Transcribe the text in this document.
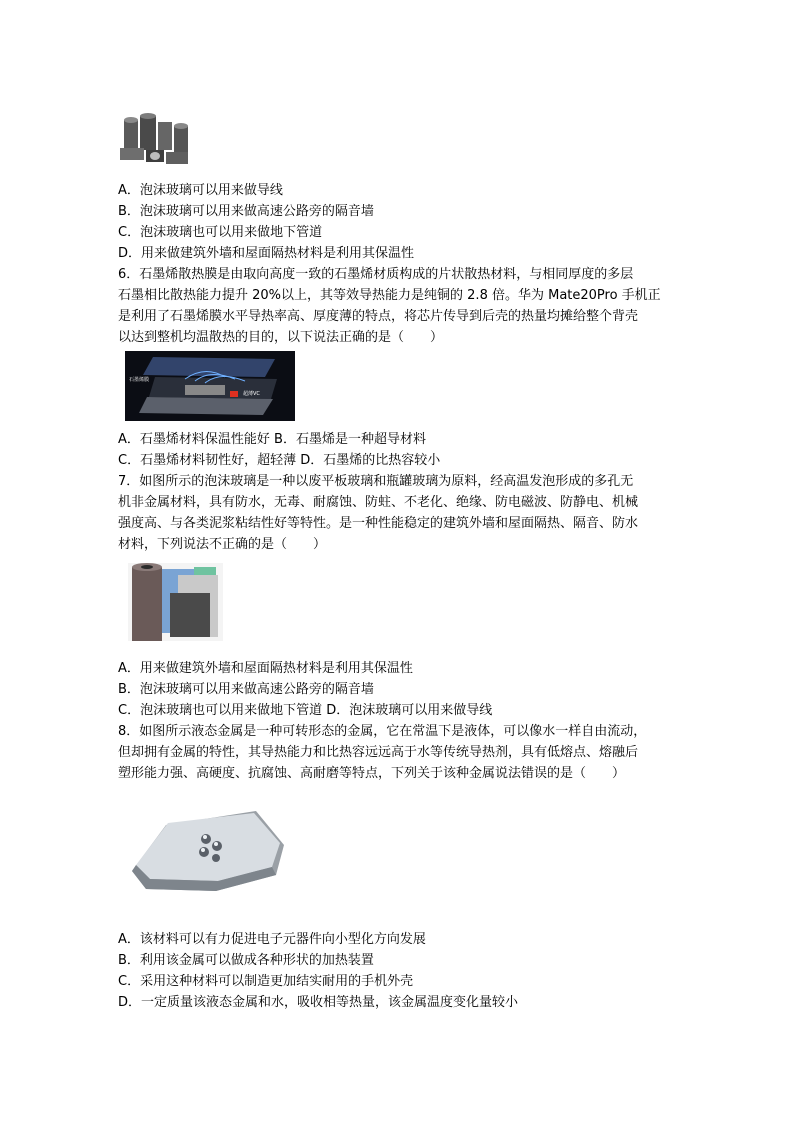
A．泡沫玻璃可以用来做导线
B．泡沫玻璃可以用来做高速公路旁的隔音墙
C．泡沫玻璃也可以用来做地下管道
D．用来做建筑外墙和屋面隔热材料是利用其保温性
6．石墨烯散热膜是由取向高度一致的石墨烯材质构成的片状散热材料，与相同厚度的多层
石墨相比散热能力提升 20%以上，其等效导热能力是纯铜的 2.8 倍。华为 Mate20Pro 手机正
是利用了石墨烯膜水平导热率高、厚度薄的特点，将芯片传导到后壳的热量均摊给整个背壳
以达到整机均温散热的目的，以下说法正确的是（　　）
石墨烯膜
超薄VC
A．石墨烯材料保温性能好 B．石墨烯是一种超导材料
C．石墨烯材料韧性好，超轻薄 D．石墨烯的比热容较小
7．如图所示的泡沫玻璃是一种以废平板玻璃和瓶罐玻璃为原料，经高温发泡形成的多孔无
机非金属材料，具有防水，无毒、耐腐蚀、防蛀、不老化、绝缘、防电磁波、防静电、机械
强度高、与各类泥浆粘结性好等特性。是一种性能稳定的建筑外墙和屋面隔热、隔音、防水
材料，下列说法不正确的是（　　）
A．用来做建筑外墙和屋面隔热材料是利用其保温性
B．泡沫玻璃可以用来做高速公路旁的隔音墙
C．泡沫玻璃也可以用来做地下管道 D．泡沫玻璃可以用来做导线
8．如图所示液态金属是一种可转形态的金属，它在常温下是液体，可以像水一样自由流动，
但却拥有金属的特性，其导热能力和比热容远远高于水等传统导热剂，具有低熔点、熔融后
塑形能力强、高硬度、抗腐蚀、高耐磨等特点，下列关于该种金属说法错误的是（　　）
A．该材料可以有力促进电子元器件向小型化方向发展
B．利用该金属可以做成各种形状的加热装置
C．采用这种材料可以制造更加结实耐用的手机外壳
D．一定质量该液态金属和水，吸收相等热量，该金属温度变化量较小
